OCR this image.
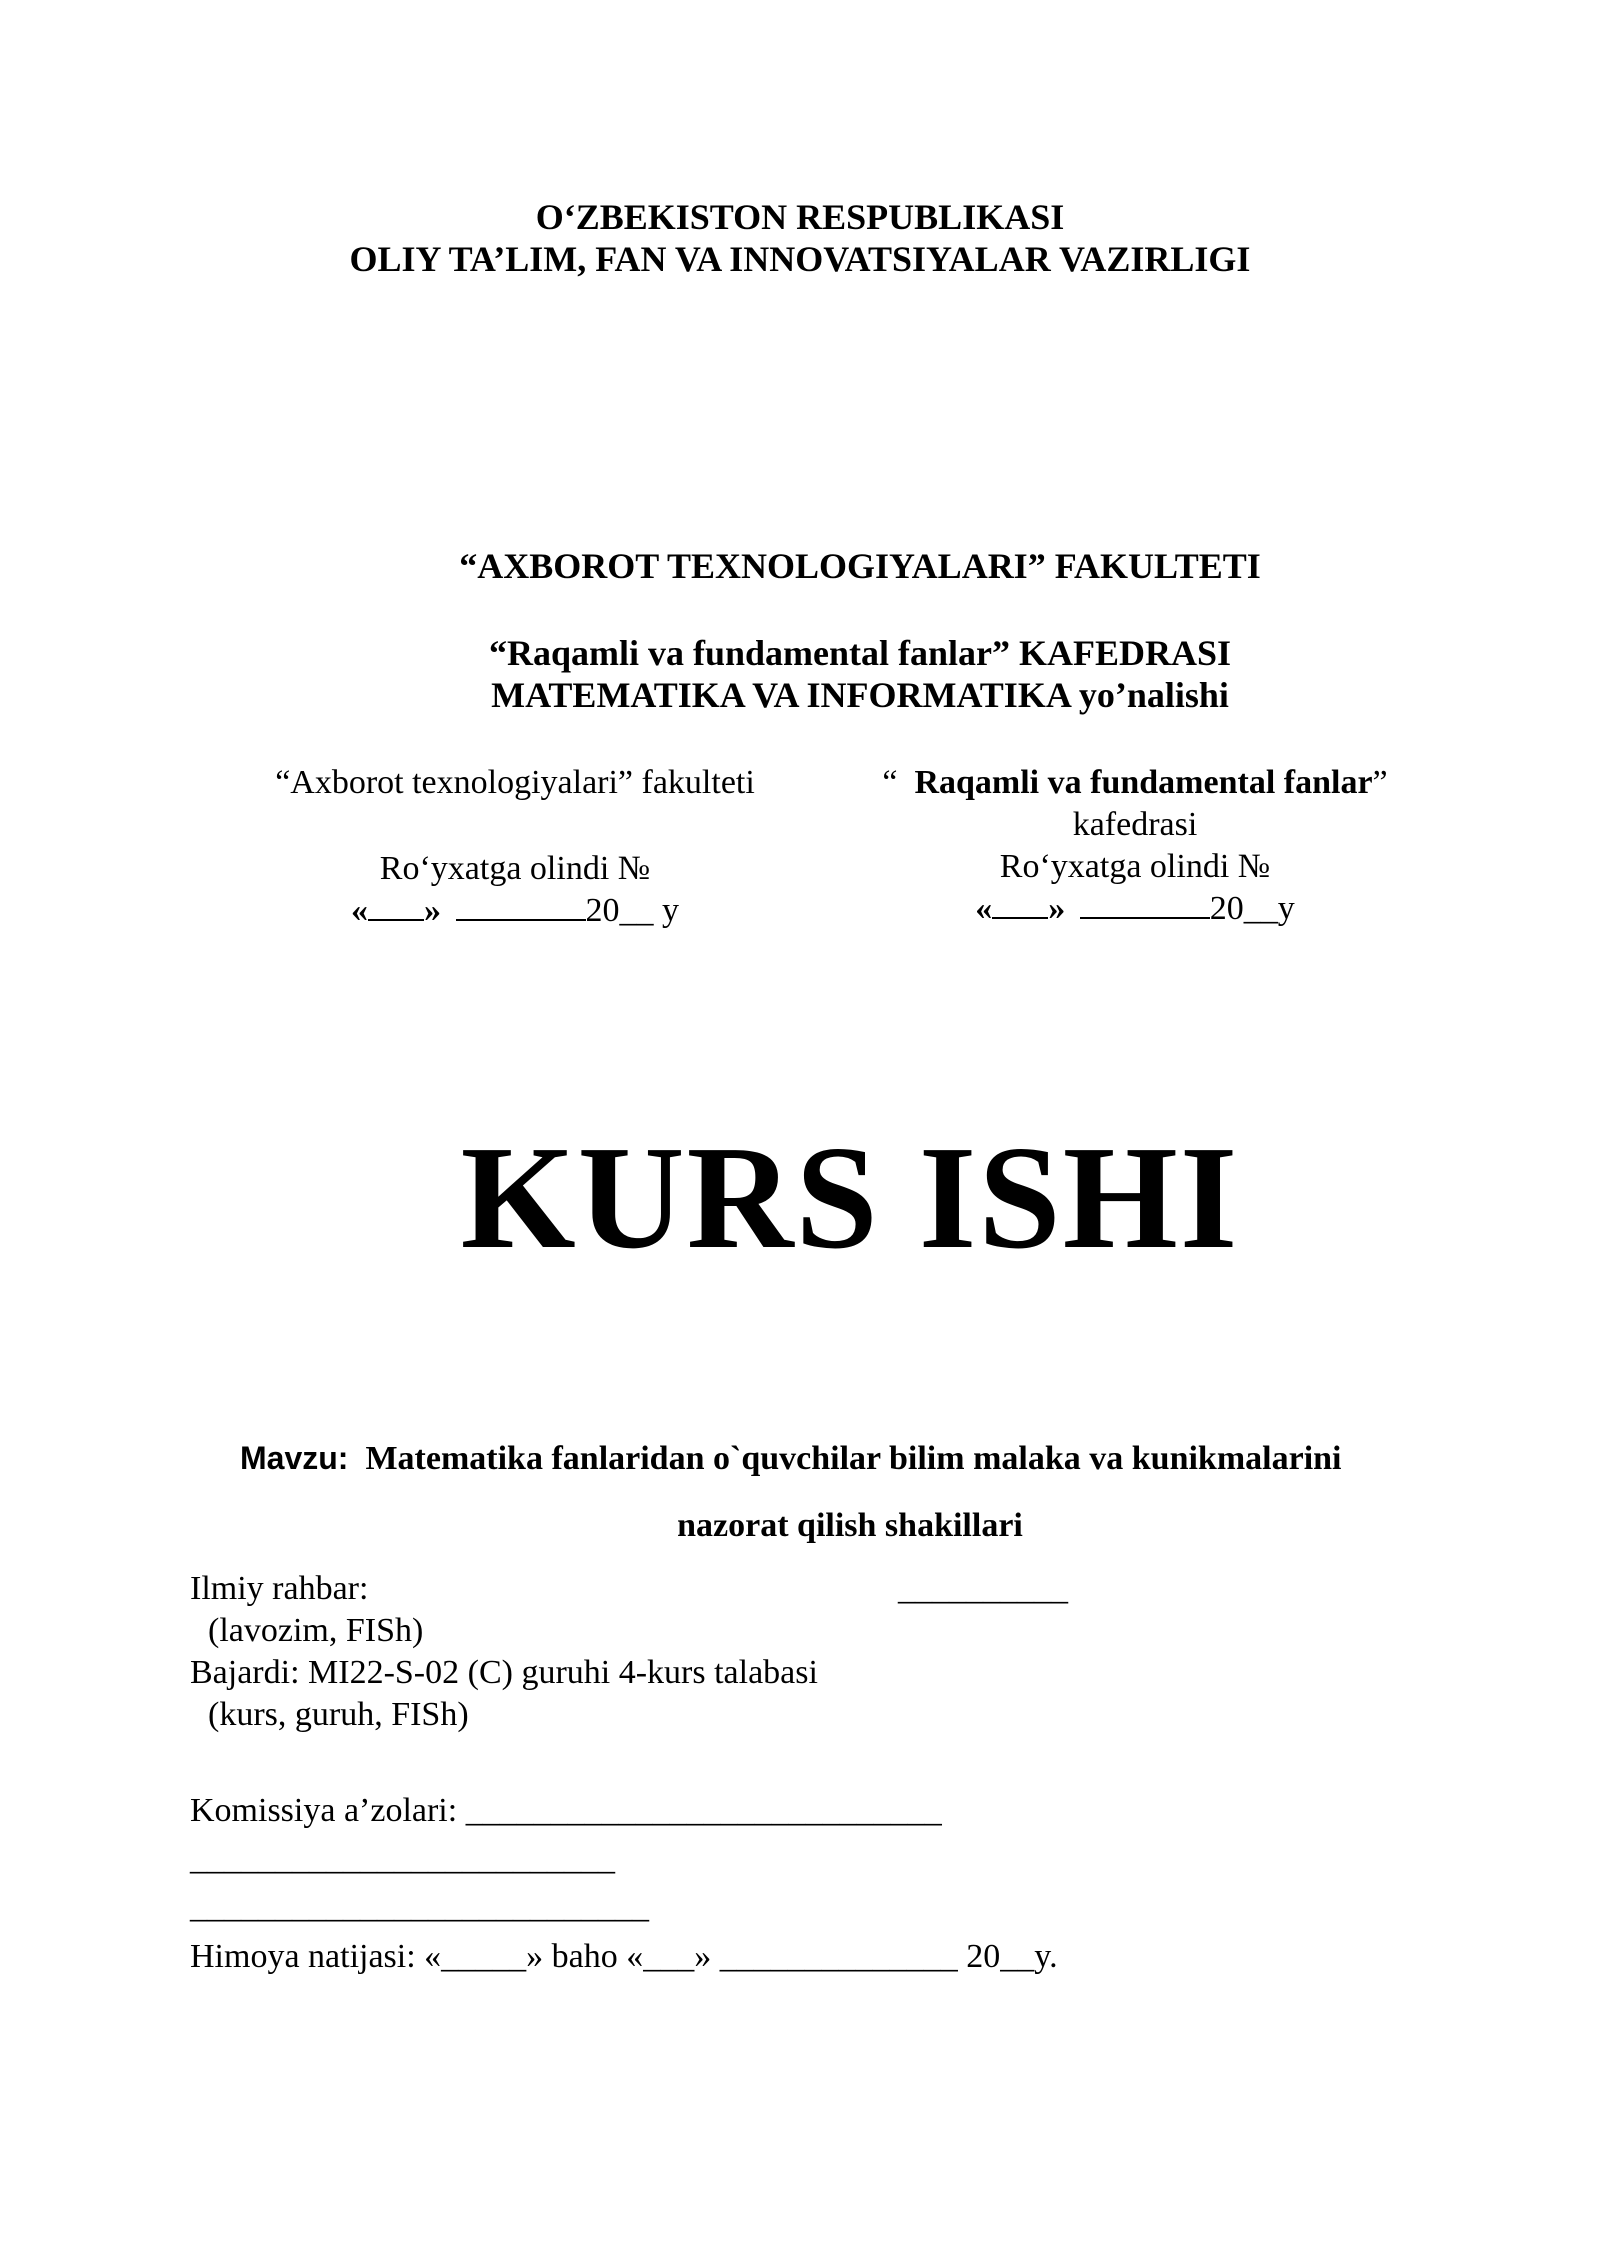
O‘ZBEKISTON RESPUBLIKASI
OLIY TA’LIM, FAN VA INNOVATSIYALAR VAZIRLIGI
“AXBOROT TEXNOLOGIYALARI” FAKULTETI
“Raqamli va fundamental fanlar” KAFEDRASI
MATEMATIKA VA INFORMATIKA yo’nalishi
“Axborot texnologiyalari” fakulteti
Ro‘yxatga olindi №
« »	20__ y
“  Raqamli va fundamental fanlar”
kafedrasi
Ro‘yxatga olindi №
« »	20__y
KURS ISHI
Mavzu: Matematika fanlaridan o`quvchilar bilim malaka va kunikmalarini
nazorat qilish shakillari
Ilmiy rahbar:	__________
(lavozim, FISh)
Bajardi: MI22-S-02 (C) guruhi 4-kurs talabasi
(kurs, guruh, FISh)
Komissiya a’zolari: ____________________________
_________________________
___________________________
Himoya natijasi: «_____» baho «___» ______________ 20__y.
